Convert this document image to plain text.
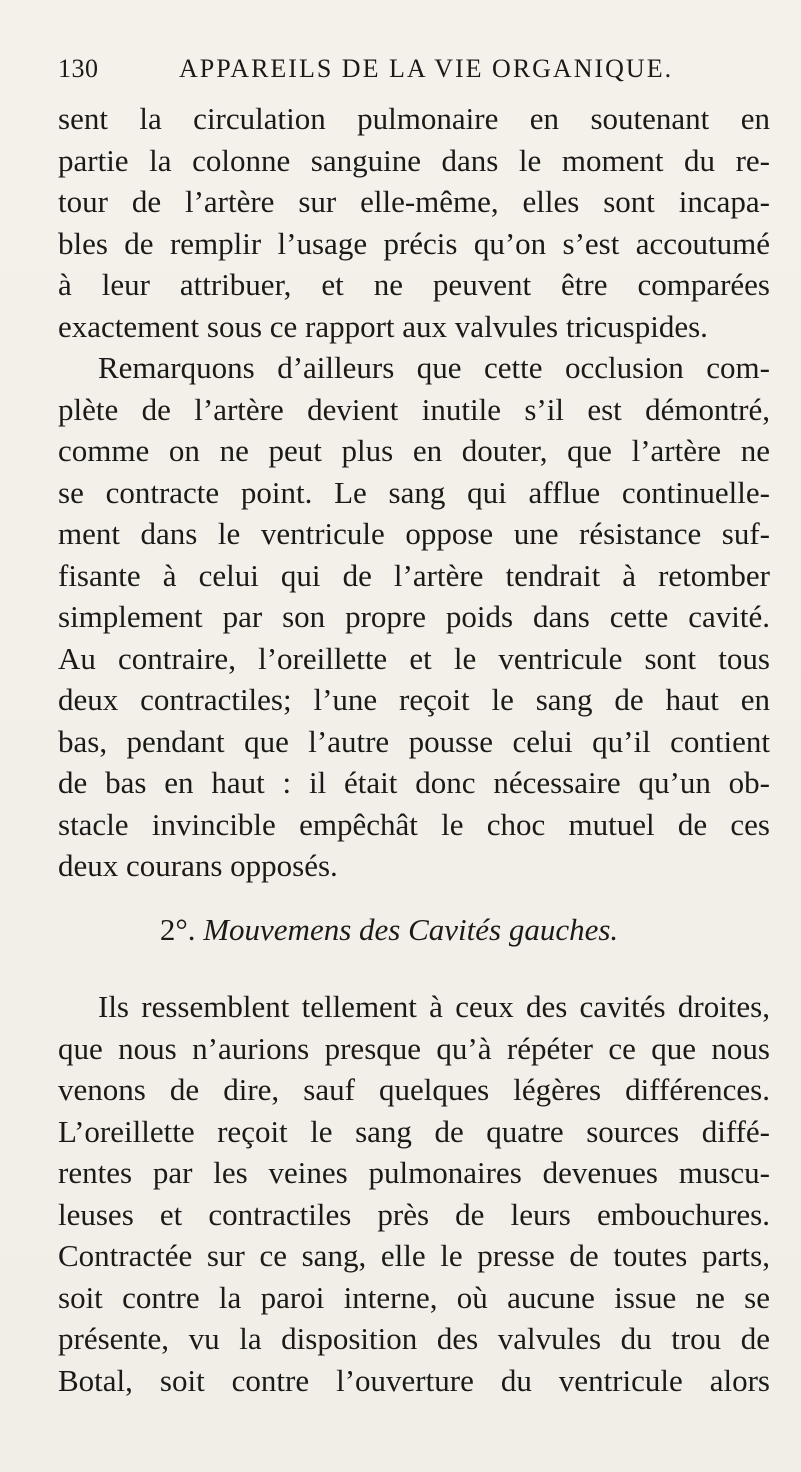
130	APPAREILS DE LA VIE ORGANIQUE.
sent la circulation pulmonaire en soutenant en
partie la colonne sanguine dans le moment du re-
tour de l’artère sur elle-même, elles sont incapa-
bles de remplir l’usage précis qu’on s’est accoutumé
à leur attribuer, et ne peuvent être comparées
exactement sous ce rapport aux valvules tricuspides.
Remarquons d’ailleurs que cette occlusion com-
plète de l’artère devient inutile s’il est démontré,
comme on ne peut plus en douter, que l’artère ne
se contracte point. Le sang qui afflue continuelle-
ment dans le ventricule oppose une résistance suf-
fisante à celui qui de l’artère tendrait à retomber
simplement par son propre poids dans cette cavité.
Au contraire, l’oreillette et le ventricule sont tous
deux contractiles; l’une reçoit le sang de haut en
bas, pendant que l’autre pousse celui qu’il contient
de bas en haut : il était donc nécessaire qu’un ob-
stacle invincible empêchât le choc mutuel de ces
deux courans opposés.
2°. Mouvemens des Cavités gauches.
Ils ressemblent tellement à ceux des cavités droites,
que nous n’aurions presque qu’à répéter ce que nous
venons de dire, sauf quelques légères différences.
L’oreillette reçoit le sang de quatre sources diffé-
rentes par les veines pulmonaires devenues muscu-
leuses et contractiles près de leurs embouchures.
Contractée sur ce sang, elle le presse de toutes parts,
soit contre la paroi interne, où aucune issue ne se
présente, vu la disposition des valvules du trou de
Botal, soit contre l’ouverture du ventricule alors
